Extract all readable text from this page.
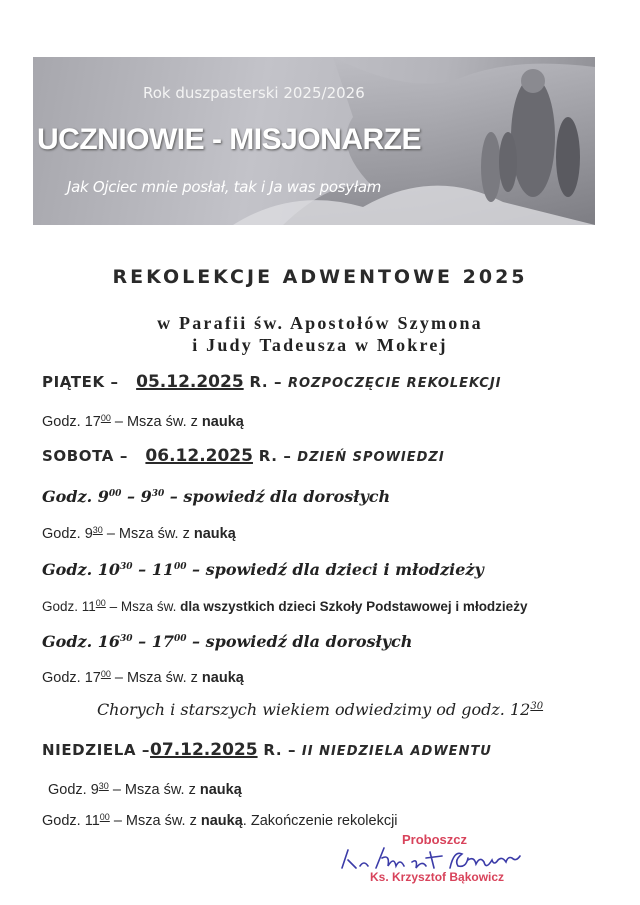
Rok duszpasterski 2025/2026
UCZNIOWIE - MISJONARZE
Jak Ojciec mnie posłał, tak i Ja was posyłam
REKOLEKCJE ADWENTOWE 2025
w Parafii św. Apostołów Szymona
i Judy Tadeusza w Mokrej
PIĄTEK – 05.12.2025 R. – ROZPOCZĘCIE REKOLEKCJI
Godz. $17^{00}$ – Msza św. z nauką
SOBOTA – 06.12.2025 R. – DZIEŃ SPOWIEDZI
Godz. $9^{00} - 9^{30}$ – spowiedź dla dorosłych
Godz. $9^{30}$ – Msza św. z nauką
Godz. $10^{30} - 11^{00}$ – spowiedź dla dzieci i młodzieży
Godz. $11^{00}$ – Msza św. dla wszystkich dzieci Szkoły Podstawowej i młodzieży
Godz. $16^{30} - 17^{00}$ – spowiedź dla dorosłych
Godz. $17^{00}$ – Msza św. z nauką
Chorych i starszych wiekiem odwiedzimy od godz. $12^{30}$
NIEDZIELA –07.12.2025 R. – II NIEDZIELA ADWENTU
Godz. $9^{30}$ – Msza św. z nauką
Godz. $11^{00}$ – Msza św. z nauką. Zakończenie rekolekcji
Proboszcz
Ks. Krzysztof Bąkowicz
